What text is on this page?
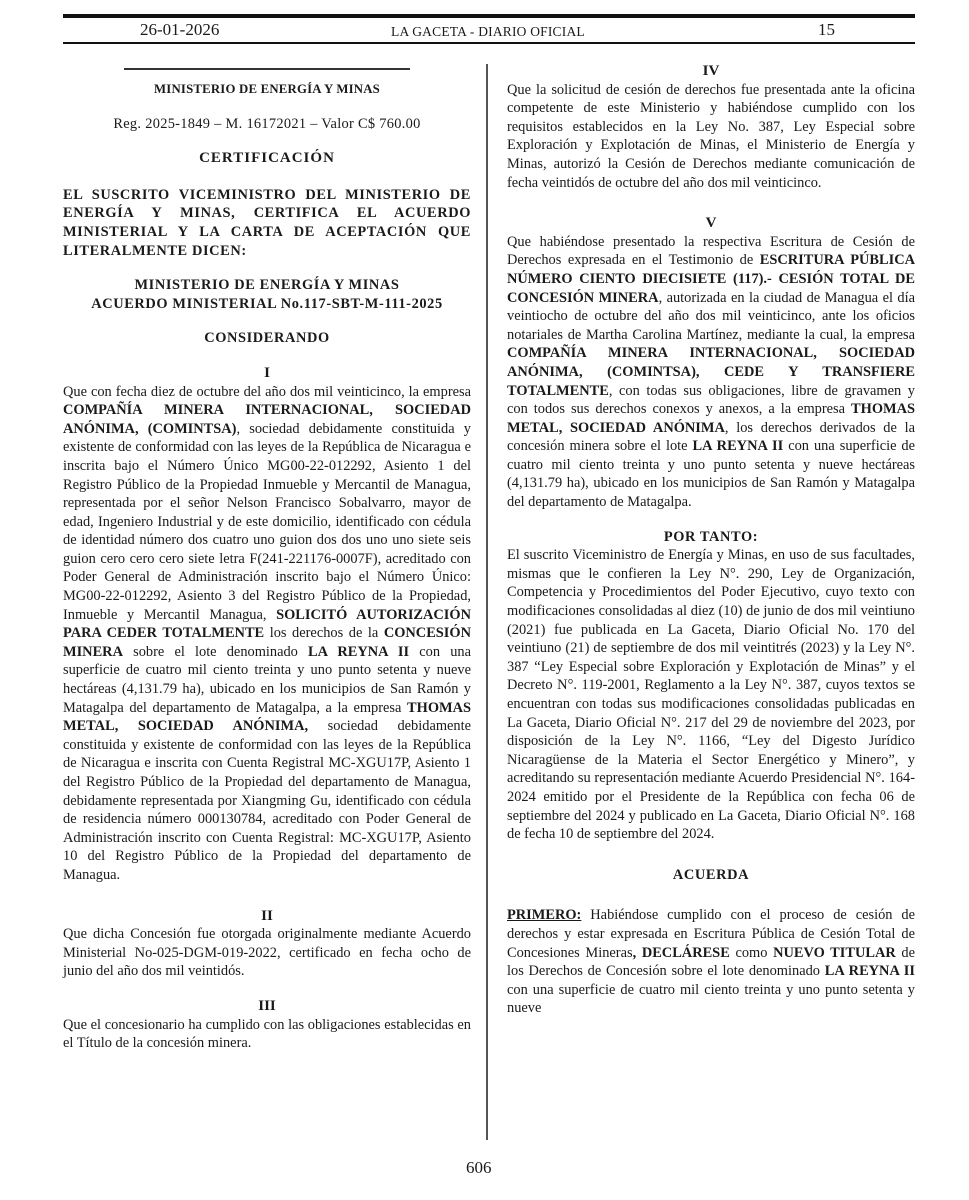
26-01-2026	LA GACETA - DIARIO OFICIAL	15
MINISTERIO DE ENERGÍA Y MINAS
Reg. 2025-1849 – M. 16172021 – Valor C$ 760.00
CERTIFICACIÓN
EL SUSCRITO VICEMINISTRO DEL MINISTERIO DE ENERGÍA Y MINAS, CERTIFICA EL ACUERDO MINISTERIAL Y LA CARTA DE ACEPTACIÓN QUE LITERALMENTE DICEN:
MINISTERIO DE ENERGÍA Y MINAS
ACUERDO MINISTERIAL No.117-SBT-M-111-2025
CONSIDERANDO
I

Que con fecha diez de octubre del año dos mil veinticinco, la empresa COMPAÑÍA MINERA INTERNACIONAL, SOCIEDAD ANÓNIMA, (COMINTSA), sociedad debidamente constituida y existente de conformidad con las leyes de la República de Nicaragua e inscrita bajo el Número Único MG00-22-012292, Asiento 1 del Registro Público de la Propiedad Inmueble y Mercantil de Managua, representada por el señor Nelson Francisco Sobalvarro, mayor de edad, Ingeniero Industrial y de este domicilio, identificado con cédula de identidad número dos cuatro uno guion dos dos uno uno siete seis guion cero cero cero siete letra F(241-221176-0007F), acreditado con Poder General de Administración inscrito bajo el Número Único: MG00-22-012292, Asiento 3 del Registro Público de la Propiedad, Inmueble y Mercantil Managua, SOLICITÓ AUTORIZACIÓN PARA CEDER TOTALMENTE los derechos de la CONCESIÓN MINERA sobre el lote denominado LA REYNA II con una superficie de cuatro mil ciento treinta y uno punto setenta y nueve hectáreas (4,131.79 ha), ubicado en los municipios de San Ramón y Matagalpa del departamento de Matagalpa, a la empresa THOMAS METAL, SOCIEDAD ANÓNIMA, sociedad debidamente constituida y existente de conformidad con las leyes de la República de Nicaragua e inscrita con Cuenta Registral MC-XGU17P, Asiento 1 del Registro Público de la Propiedad del departamento de Managua, debidamente representada por Xiangming Gu, identificado con cédula de residencia número 000130784, acreditado con Poder General de Administración inscrito con Cuenta Registral: MC-XGU17P, Asiento 10 del Registro Público de la Propiedad del departamento de Managua.

II

Que dicha Concesión fue otorgada originalmente mediante Acuerdo Ministerial No-025-DGM-019-2022, certificado en fecha ocho de junio del año dos mil veintidós.

III

Que el concesionario ha cumplido con las obligaciones establecidas en el Título de la concesión minera.

IV

Que la solicitud de cesión de derechos fue presentada ante la oficina competente de este Ministerio y habiéndose cumplido con los requisitos establecidos en la Ley No. 387, Ley Especial sobre Exploración y Explotación de Minas, el Ministerio de Energía y Minas, autorizó la Cesión de Derechos mediante comunicación de fecha veintidós de octubre del año dos mil veinticinco.

V

Que habiéndose presentado la respectiva Escritura de Cesión de Derechos expresada en el Testimonio de ESCRITURA PÚBLICA NÚMERO CIENTO DIECISIETE (117).- CESIÓN TOTAL DE CONCESIÓN MINERA, autorizada en la ciudad de Managua el día veintiocho de octubre del año dos mil veinticinco, ante los oficios notariales de Martha Carolina Martínez, mediante la cual, la empresa COMPAÑÍA MINERA INTERNACIONAL, SOCIEDAD ANÓNIMA, (COMINTSA), CEDE Y TRANSFIERE TOTALMENTE, con todas sus obligaciones, libre de gravamen y con todos sus derechos conexos y anexos, a la empresa THOMAS METAL, SOCIEDAD ANÓNIMA, los derechos derivados de la concesión minera sobre el lote LA REYNA II con una superficie de cuatro mil ciento treinta y uno punto setenta y nueve hectáreas (4,131.79 ha), ubicado en los municipios de San Ramón y Matagalpa del departamento de Matagalpa.

POR TANTO:

El suscrito Viceministro de Energía y Minas, en uso de sus facultades, mismas que le confieren la Ley N°. 290, Ley de Organización, Competencia y Procedimientos del Poder Ejecutivo, cuyo texto con modificaciones consolidadas al diez (10) de junio de dos mil veintiuno (2021) fue publicada en La Gaceta, Diario Oficial No. 170 del veintiuno (21) de septiembre de dos mil veintitrés (2023) y la Ley N°. 387 “Ley Especial sobre Exploración y Explotación de Minas” y el Decreto N°. 119-2001, Reglamento a la Ley N°. 387, cuyos textos se encuentran con todas sus modificaciones consolidadas publicadas en La Gaceta, Diario Oficial N°. 217 del 29 de noviembre del 2023, por disposición de la Ley N°. 1166, “Ley del Digesto Jurídico Nicaragüense de la Materia el Sector Energético y Minero”, y acreditando su representación mediante Acuerdo Presidencial N°. 164-2024 emitido por el Presidente de la República con fecha 06 de septiembre del 2024 y publicado en La Gaceta, Diario Oficial N°. 168 de fecha 10 de septiembre del 2024.

ACUERDA

PRIMERO: Habiéndose cumplido con el proceso de cesión de derechos y estar expresada en Escritura Pública de Cesión Total de Concesiones Mineras, DECLÁRESE como NUEVO TITULAR de los Derechos de Concesión sobre el lote denominado LA REYNA II con una superficie de cuatro mil ciento treinta y uno punto setenta y nueve

606
